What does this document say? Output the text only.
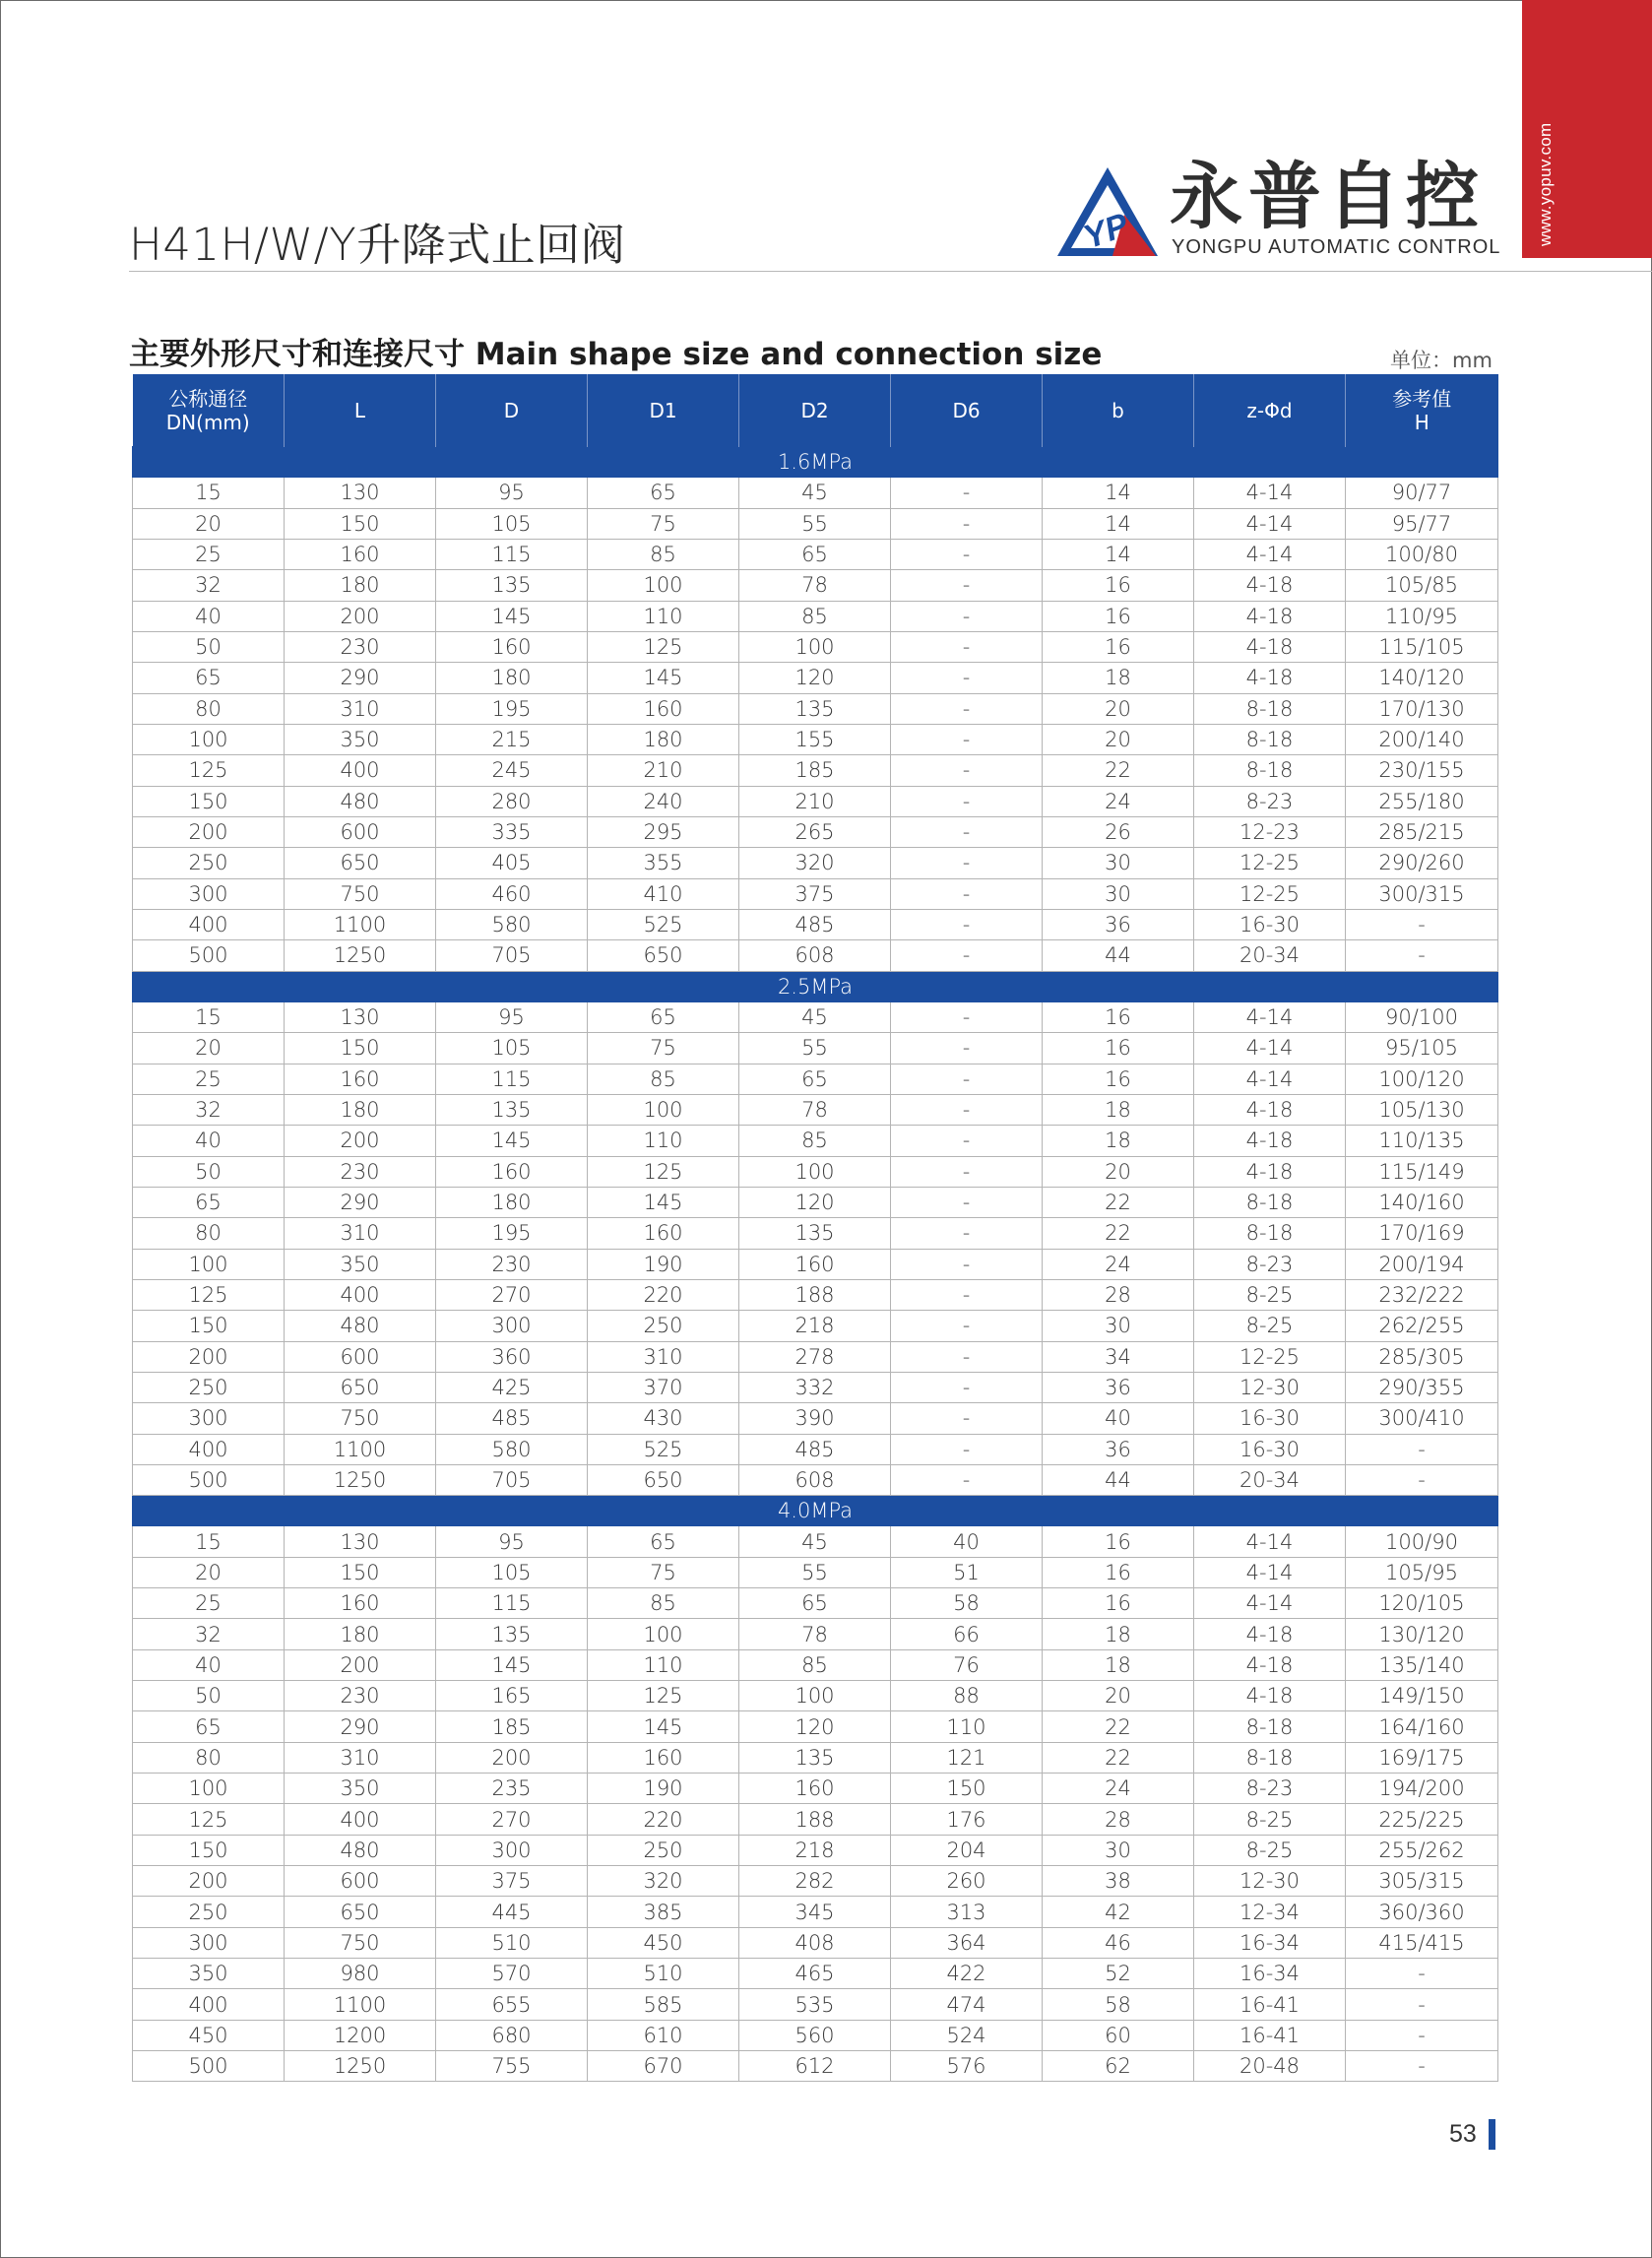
www.yopuv.com
H41H/W/Y升降式止回阀	YP 永普自控
YONGPU AUTOMATIC CONTROL
主要外形尺寸和连接尺寸 Main shape size and connection size	单位：mm
公称通径
DN(mm)	L	D	D1	D2	D6	b	z-Φd	参考值
H
1.6MPa								
15	130	95	65	45	-	14	4-14	90/77
20	150	105	75	55	-	14	4-14	95/77
25	160	115	85	65	-	14	4-14	100/80
32	180	135	100	78	-	16	4-18	105/85
40	200	145	110	85	-	16	4-18	110/95
50	230	160	125	100	-	16	4-18	115/105
65	290	180	145	120	-	18	4-18	140/120
80	310	195	160	135	-	20	8-18	170/130
100	350	215	180	155	-	20	8-18	200/140
125	400	245	210	185	-	22	8-18	230/155
150	480	280	240	210	-	24	8-23	255/180
200	600	335	295	265	-	26	12-23	285/215
250	650	405	355	320	-	30	12-25	290/260
300	750	460	410	375	-	30	12-25	300/315
400	1100	580	525	485	-	36	16-30	-
500	1250	705	650	608	-	44	20-34	-
2.5MPa								
15	130	95	65	45	-	16	4-14	90/100
20	150	105	75	55	-	16	4-14	95/105
25	160	115	85	65	-	16	4-14	100/120
32	180	135	100	78	-	18	4-18	105/130
40	200	145	110	85	-	18	4-18	110/135
50	230	160	125	100	-	20	4-18	115/149
65	290	180	145	120	-	22	8-18	140/160
80	310	195	160	135	-	22	8-18	170/169
100	350	230	190	160	-	24	8-23	200/194
125	400	270	220	188	-	28	8-25	232/222
150	480	300	250	218	-	30	8-25	262/255
200	600	360	310	278	-	34	12-25	285/305
250	650	425	370	332	-	36	12-30	290/355
300	750	485	430	390	-	40	16-30	300/410
400	1100	580	525	485	-	36	16-30	-
500	1250	705	650	608	-	44	20-34	-
4.0MPa								
15	130	95	65	45	40	16	4-14	100/90
20	150	105	75	55	51	16	4-14	105/95
25	160	115	85	65	58	16	4-14	120/105
32	180	135	100	78	66	18	4-18	130/120
40	200	145	110	85	76	18	4-18	135/140
50	230	165	125	100	88	20	4-18	149/150
65	290	185	145	120	110	22	8-18	164/160
80	310	200	160	135	121	22	8-18	169/175
100	350	235	190	160	150	24	8-23	194/200
125	400	270	220	188	176	28	8-25	225/225
150	480	300	250	218	204	30	8-25	255/262
200	600	375	320	282	260	38	12-30	305/315
250	650	445	385	345	313	42	12-34	360/360
300	750	510	450	408	364	46	16-34	415/415
350	980	570	510	465	422	52	16-34	-
400	1100	655	585	535	474	58	16-41	-
450	1200	680	610	560	524	60	16-41	-
500	1250	755	670	612	576	62	20-48	-
53
